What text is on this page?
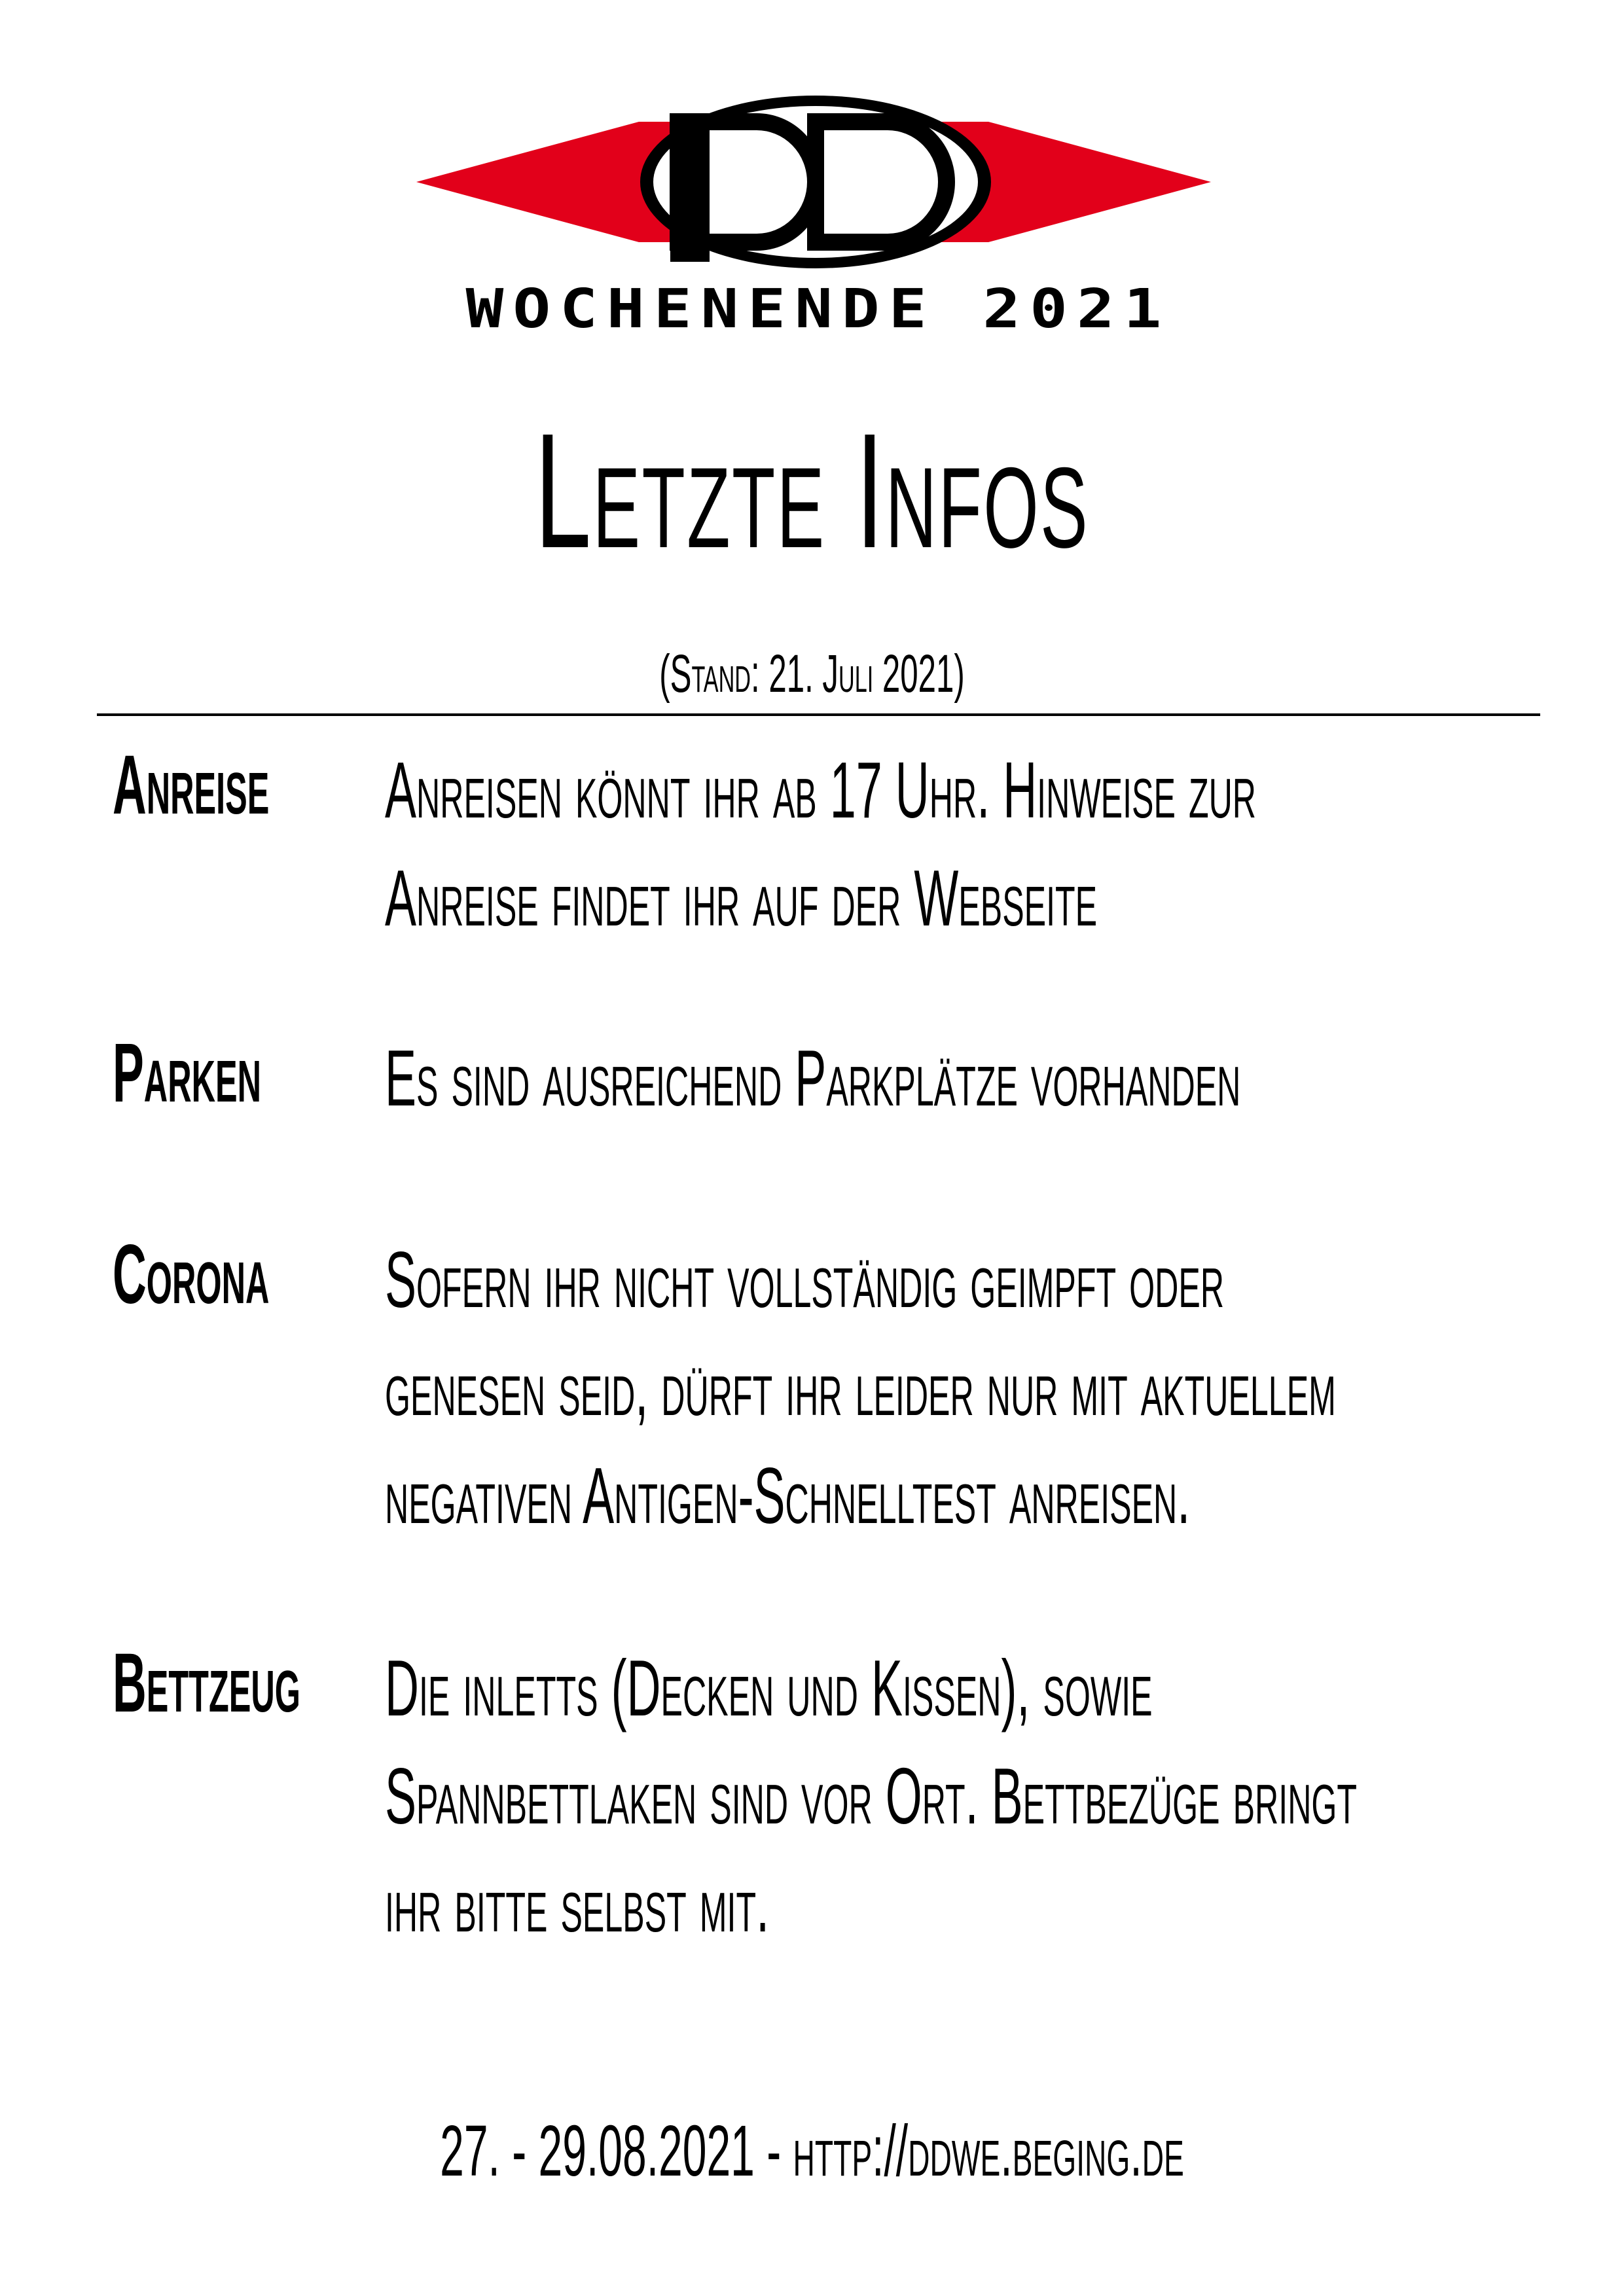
WOCHENENDE 2021
Letzte Infos
(Stand: 21. Juli 2021)
Anreise	Anreisen könnt ihr ab 17 Uhr. Hinweise zur
Anreise findet ihr auf der Webseite
Parken	Es sind ausreichend Parkplätze vorhanden
Corona	Sofern ihr nicht vollständig geimpft oder
genesen seid, dürft ihr leider nur mit aktuellem
negativen Antigen-Schnelltest anreisen.
Bettzeug	Die inletts (Decken und Kissen), sowie
Spannbettlaken sind vor Ort. Bettbezüge bringt
ihr bitte selbst mit.
27. - 29.08.2021 - http://ddwe.beging.de
